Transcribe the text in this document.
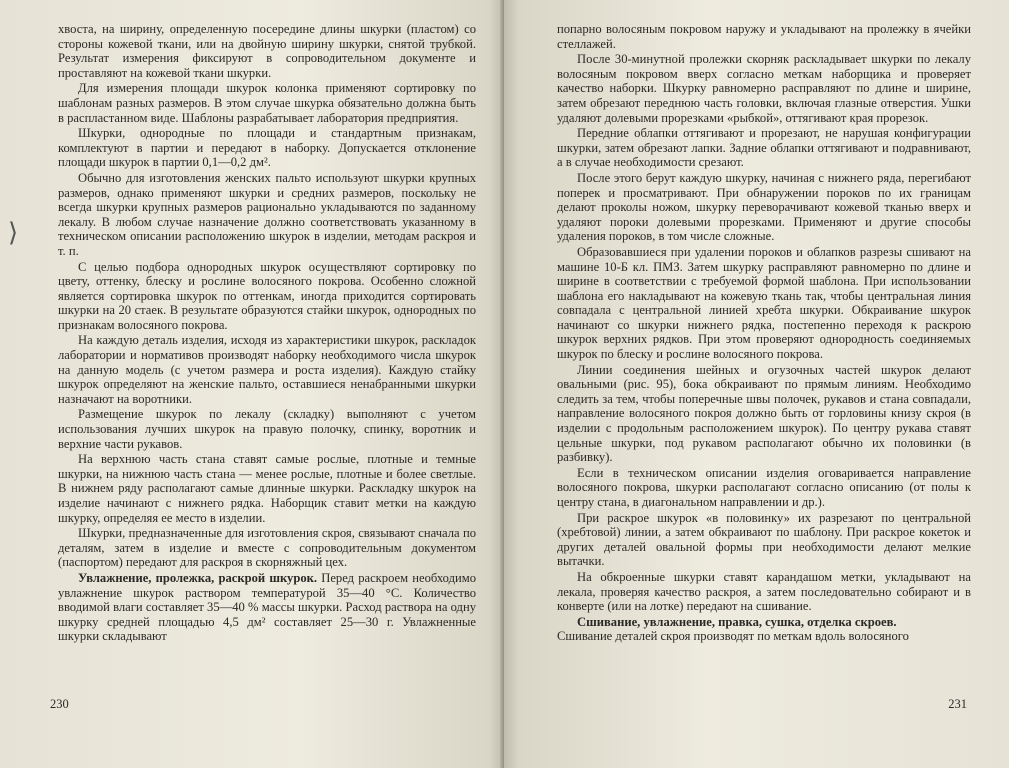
⟩

хвоста, на ширину, определенную посередине длины шкурки (пластом) со стороны кожевой ткани, или на двойную ширину шкурки, снятой трубкой. Результат измерения фиксируют в сопроводительном документе и проставляют на кожевой ткани шкурки.

Для измерения площади шкурок колонка применяют сортировку по шаблонам разных размеров. В этом случае шкурка обязательно должна быть в распластанном виде. Шаблоны разрабатывает лаборатория предприятия.

Шкурки, однородные по площади и стандартным признакам, комплектуют в партии и передают в наборку. Допускается отклонение площади шкурок в партии 0,1—0,2 дм².

Обычно для изготовления женских пальто используют шкурки крупных размеров, однако применяют шкурки и средних размеров, поскольку не всегда шкурки крупных размеров рационально укладываются по заданному лекалу. В любом случае назначение должно соответствовать указанному в техническом описании расположению шкурок в изделии, методам раскроя и т. п.

С целью подбора однородных шкурок осуществляют сортировку по цвету, оттенку, блеску и рослине волосяного покрова. Особенно сложной является сортировка шкурок по оттенкам, иногда приходится сортировать шкурки на 20 стаек. В результате образуются стайки шкурок, однородных по признакам волосяного покрова.

На каждую деталь изделия, исходя из характеристики шкурок, раскладок лаборатории и нормативов производят наборку необходимого числа шкурок на данную модель (с учетом размера и роста изделия). Каждую стайку шкурок определяют на женские пальто, оставшиеся ненабранными шкурки назначают на воротники.

Размещение шкурок по лекалу (складку) выполняют с учетом использования лучших шкурок на правую полочку, спинку, воротник и верхние части рукавов.

На верхнюю часть стана ставят самые рослые, плотные и темные шкурки, на нижнюю часть стана — менее рослые, плотные и более светлые. В нижнем ряду располагают самые длинные шкурки. Раскладку шкурок на изделие начинают с нижнего рядка. Наборщик ставит метки на каждую шкурку, определяя ее место в изделии.

Шкурки, предназначенные для изготовления скроя, связывают сначала по деталям, затем в изделие и вместе с сопроводительным документом (паспортом) передают для раскроя в скорняжный цех.

Увлажнение, пролежка, раскрой шкурок. Перед раскроем необходимо увлажнение шкурок раствором температурой 35—40 °С. Количество вводимой влаги составляет 35—40 % массы шкурки. Расход раствора на одну шкурку средней площадью 4,5 дм² составляет 25—30 г. Увлажненные шкурки складывают

230

попарно волосяным покровом наружу и укладывают на пролежку в ячейки стеллажей.

После 30-минутной пролежки скорняк раскладывает шкурки по лекалу волосяным покровом вверх согласно меткам наборщика и проверяет качество наборки. Шкурку равномерно расправляют по длине и ширине, затем обрезают переднюю часть головки, включая глазные отверстия. Ушки удаляют долевыми прорезками «рыбкой», оттягивают края прорезок.

Передние облапки оттягивают и прорезают, не нарушая конфигурации шкурки, затем обрезают лапки. Задние облапки оттягивают и подравнивают, а в случае необходимости срезают.

После этого берут каждую шкурку, начиная с нижнего ряда, перегибают поперек и просматривают. При обнаружении пороков по их границам делают проколы ножом, шкурку переворачивают кожевой тканью вверх и удаляют пороки долевыми прорезками. Применяют и другие способы удаления пороков, в том числе сложные.

Образовавшиеся при удалении пороков и облапков разрезы сшивают на машине 10-Б кл. ПМЗ. Затем шкурку расправляют равномерно по длине и ширине в соответствии с требуемой формой шаблона. При использовании шаблона его накладывают на кожевую ткань так, чтобы центральная линия совпадала с центральной линией хребта шкурки. Обкраивание шкурок начинают со шкурки нижнего рядка, постепенно переходя к раскрою шкурок верхних рядков. При этом проверяют однородность соединяемых шкурок по блеску и рослине волосяного покрова.

Линии соединения шейных и огузочных частей шкурок делают овальными (рис. 95), бока обкраивают по прямым линиям. Необходимо следить за тем, чтобы поперечные швы полочек, рукавов и стана совпадали, направление волосяного покроя должно быть от горловины книзу скроя (в изделии с продольным расположением шкурок). По центру рукава ставят цельные шкурки, под рукавом располагают обычно их половинки (в разбивку).

Если в техническом описании изделия оговаривается направление волосяного покрова, шкурки располагают согласно описанию (от полы к центру стана, в диагональном направлении и др.).

При раскрое шкурок «в половинку» их разрезают по центральной (хребтовой) линии, а затем обкраивают по шаблону. При раскрое кокеток и других деталей овальной формы при необходимости делают мелкие вытачки.

На обкроенные шкурки ставят карандашом метки, укладывают на лекала, проверяя качество раскроя, а затем последовательно собирают и в конверте (или на лотке) передают на сшивание.

Сшивание, увлажнение, правка, сушка, отделка скроев.
Сшивание деталей скроя производят по меткам вдоль волосяного

231
